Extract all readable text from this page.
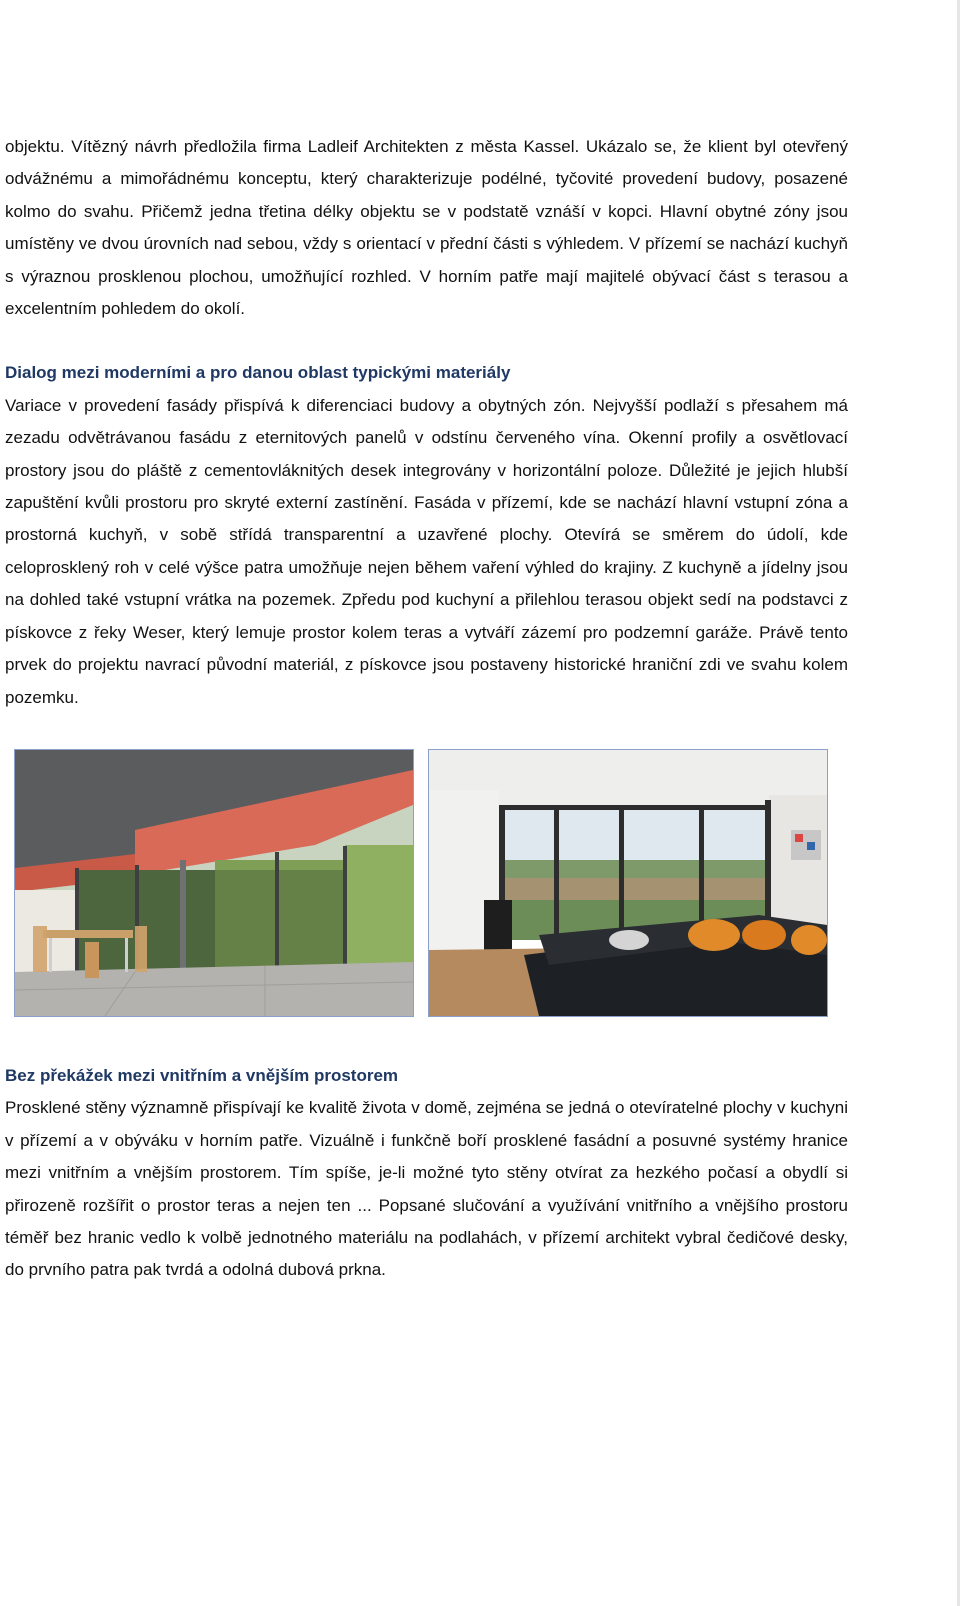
objektu. Vítězný návrh předložila firma Ladleif Architekten z města Kassel. Ukázalo se, že klient byl otevřený odvážnému a mimořádnému konceptu, který charakterizuje podélné, tyčovité provedení budovy, posazené kolmo do svahu. Přičemž jedna třetina délky objektu se v podstatě vznáší v kopci. Hlavní obytné zóny jsou umístěny ve dvou úrovních nad sebou, vždy s orientací v přední části s výhledem. V přízemí se nachází kuchyň s výraznou prosklenou plochou, umožňující rozhled. V horním patře mají majitelé obývací část s terasou a excelentním pohledem do okolí.

Dialog mezi moderními a pro danou oblast typickými materiály

Variace v provedení fasády přispívá k diferenciaci budovy a obytných zón. Nejvyšší podlaží s přesahem má zezadu odvětrávanou fasádu z eternitových panelů v odstínu červeného vína. Okenní profily a osvětlovací prostory jsou do pláště z cementovláknitých desek integrovány v horizontální poloze. Důležité je jejich hlubší zapuštění kvůli prostoru pro skryté externí zastínění. Fasáda v přízemí, kde se nachází hlavní vstupní zóna a prostorná kuchyň, v sobě střídá transparentní a uzavřené plochy. Otevírá se směrem do údolí, kde celoprosklený roh v celé výšce patra umožňuje nejen během vaření výhled do krajiny. Z kuchyně a jídelny jsou na dohled také vstupní vrátka na pozemek. Zpředu pod kuchyní a přilehlou terasou objekt sedí na podstavci z pískovce z řeky Weser, který lemuje prostor kolem teras a vytváří zázemí pro podzemní garáže. Právě tento prvek do projektu navrací původní materiál, z pískovce jsou postaveny historické hraniční zdi ve svahu kolem pozemku.

Bez překážek mezi vnitřním a vnějším prostorem

Prosklené stěny významně přispívají ke kvalitě života v domě, zejména se jedná o otevíratelné plochy v kuchyni v přízemí a v obýváku v horním patře. Vizuálně i funkčně boří prosklené fasádní a posuvné systémy hranice mezi vnitřním a vnějším prostorem. Tím spíše, je-li možné tyto stěny otvírat za hezkého počasí a obydlí si přirozeně rozšířit o prostor teras a nejen ten ... Popsané slučování a využívání vnitřního a vnějšího prostoru téměř bez hranic vedlo k volbě jednotného materiálu na podlahách, v přízemí architekt vybral čedičové desky, do prvního patra pak tvrdá a odolná dubová prkna.
